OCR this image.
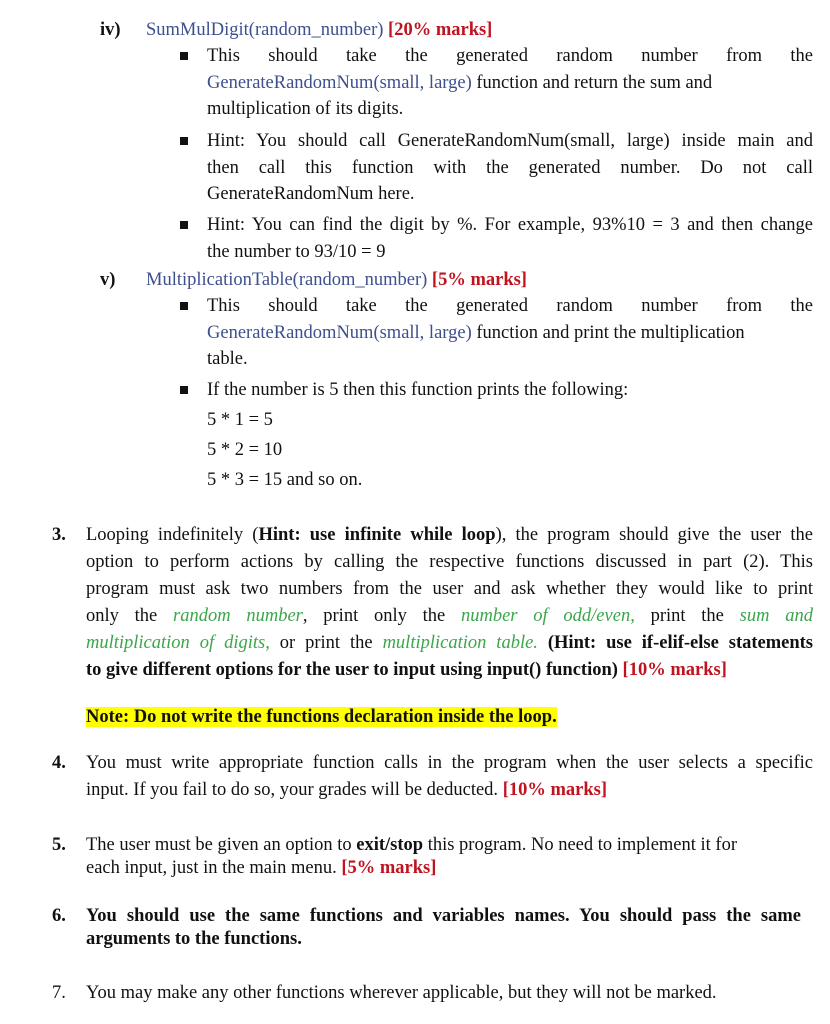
iv) SumMulDigit(random_number) [20% marks]
This should take the generated random number from the
GenerateRandomNum(small, large) function and return the sum and
multiplication of its digits.
Hint: You should call GenerateRandomNum(small, large) inside main and
then call this function with the generated number. Do not call
GenerateRandomNum here.
Hint: You can find the digit by %. For example, 93%10 = 3 and then change
the number to 93/10 = 9
v) MultiplicationTable(random_number) [5% marks]
This should take the generated random number from the
GenerateRandomNum(small, large) function and print the multiplication
table.
If the number is 5 then this function prints the following:
5 * 1 = 5
5 * 2 = 10
5 * 3 = 15 and so on.
3. Looping indefinitely (Hint: use infinite while loop), the program should give the user the
option to perform actions by calling the respective functions discussed in part (2). This
program must ask two numbers from the user and ask whether they would like to print
only the random number, print only the number of odd/even, print the sum and
multiplication of digits, or print the multiplication table. (Hint: use if-elif-else statements
to give different options for the user to input using input() function) [10% marks]
Note: Do not write the functions declaration inside the loop.
4. You must write appropriate function calls in the program when the user selects a specific
input. If you fail to do so, your grades will be deducted. [10% marks]
5. The user must be given an option to exit/stop this program. No need to implement it for
each input, just in the main menu. [5% marks]
6. You should use the same functions and variables names. You should pass the same
arguments to the functions.
7. You may make any other functions wherever applicable, but they will not be marked.
